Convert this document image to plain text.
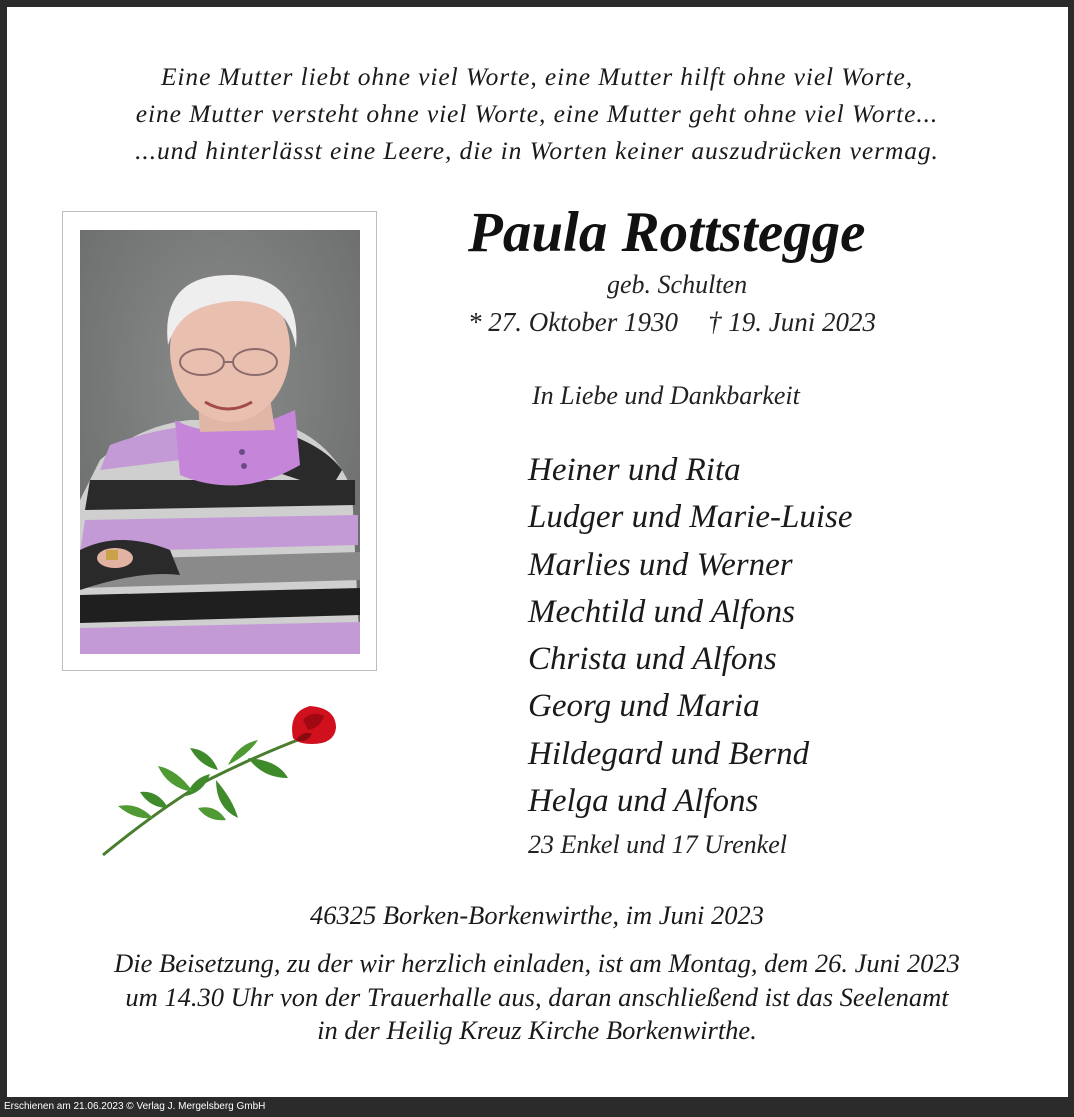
Eine Mutter liebt ohne viel Worte, eine Mutter hilft ohne viel Worte,
eine Mutter versteht ohne viel Worte, eine Mutter geht ohne viel Worte...
...und hinterlässt eine Leere, die in Worten keiner auszudrücken vermag.
Paula Rottstegge
geb. Schulten
* 27. Oktober 1930 † 19. Juni 2023
In Liebe und Dankbarkeit
Heiner und Rita
Ludger und Marie-Luise
Marlies und Werner
Mechtild und Alfons
Christa und Alfons
Georg und Maria
Hildegard und Bernd
Helga und Alfons
23 Enkel und 17 Urenkel
46325 Borken-Borkenwirthe, im Juni 2023
Die Beisetzung, zu der wir herzlich einladen, ist am Montag, dem 26. Juni 2023
um 14.30 Uhr von der Trauerhalle aus, daran anschließend ist das Seelenamt
in der Heilig Kreuz Kirche Borkenwirthe.
Erschienen am 21.06.2023 © Verlag J. Mergelsberg GmbH
